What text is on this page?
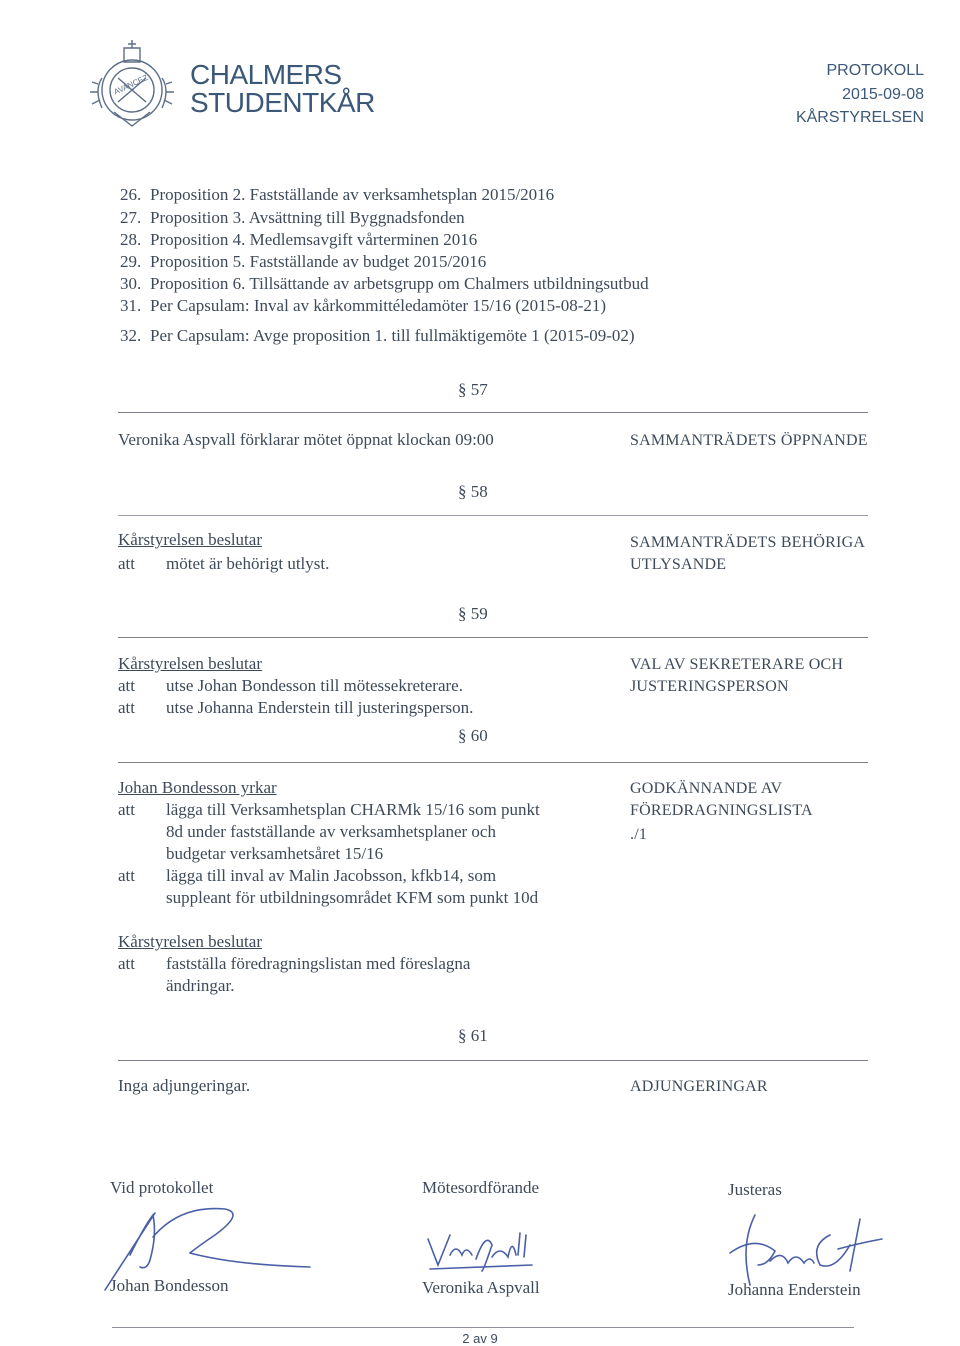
AVANCEZ CHALMERS
STUDENTKÅR
PROTOKOLL
2015-09-08
KÅRSTYRELSEN
26. Proposition 2. Fastställande av verksamhetsplan 2015/2016
27. Proposition 3. Avsättning till Byggnadsfonden
28. Proposition 4. Medlemsavgift vårterminen 2016
29. Proposition 5. Fastställande av budget 2015/2016
30. Proposition 6. Tillsättande av arbetsgrupp om Chalmers utbildningsutbud
31. Per Capsulam: Inval av kårkommittéledamöter 15/16 (2015-08-21)
32. Per Capsulam: Avge proposition 1. till fullmäktigemöte 1 (2015-09-02)
§ 57
Veronika Aspvall förklarar mötet öppnat klockan 09:00	SAMMANTRÄDETS ÖPPNANDE
§ 58
Kårstyrelsen beslutar
att mötet är behörigt utlyst.
SAMMANTRÄDETS BEHÖRIGA
UTLYSANDE
§ 59
Kårstyrelsen beslutar
att utse Johan Bondesson till mötessekreterare.
att utse Johanna Enderstein till justeringsperson.
VAL AV SEKRETERARE OCH
JUSTERINGSPERSON
§ 60
Johan Bondesson yrkar
att lägga till Verksamhetsplan CHARMk 15/16 som punkt
8d under fastställande av verksamhetsplaner och
budgetar verksamhetsåret 15/16
att lägga till inval av Malin Jacobsson, kfkb14, som
suppleant för utbildningsområdet KFM som punkt 10d
Kårstyrelsen beslutar
att fastställa föredragningslistan med föreslagna
ändringar.
GODKÄNNANDE AV
FÖREDRAGNINGSLISTA
./1
§ 61
Inga adjungeringar.	ADJUNGERINGAR
Vid protokollet	Mötesordförande	Justeras
Johan Bondesson	Veronika Aspvall	Johanna Enderstein
2 av 9
